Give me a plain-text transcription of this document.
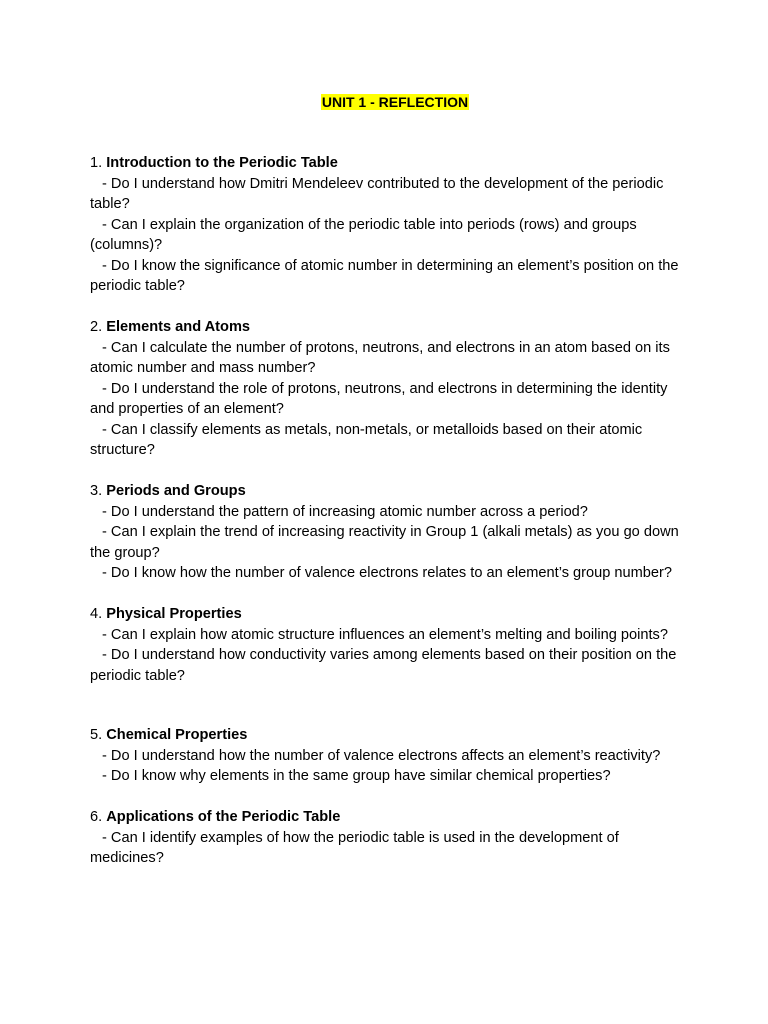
UNIT 1 - REFLECTION
1. Introduction to the Periodic Table
- Do I understand how Dmitri Mendeleev contributed to the development of the periodic table?
- Can I explain the organization of the periodic table into periods (rows) and groups (columns)?
- Do I know the significance of atomic number in determining an element’s position on the periodic table?
2. Elements and Atoms
- Can I calculate the number of protons, neutrons, and electrons in an atom based on its atomic number and mass number?
- Do I understand the role of protons, neutrons, and electrons in determining the identity and properties of an element?
- Can I classify elements as metals, non-metals, or metalloids based on their atomic structure?
3. Periods and Groups
- Do I understand the pattern of increasing atomic number across a period?
- Can I explain the trend of increasing reactivity in Group 1 (alkali metals) as you go down the group?
- Do I know how the number of valence electrons relates to an element’s group number?
4. Physical Properties
- Can I explain how atomic structure influences an element’s melting and boiling points?
- Do I understand how conductivity varies among elements based on their position on the periodic table?
5. Chemical Properties
- Do I understand how the number of valence electrons affects an element’s reactivity?
- Do I know why elements in the same group have similar chemical properties?
6. Applications of the Periodic Table
- Can I identify examples of how the periodic table is used in the development of medicines?
